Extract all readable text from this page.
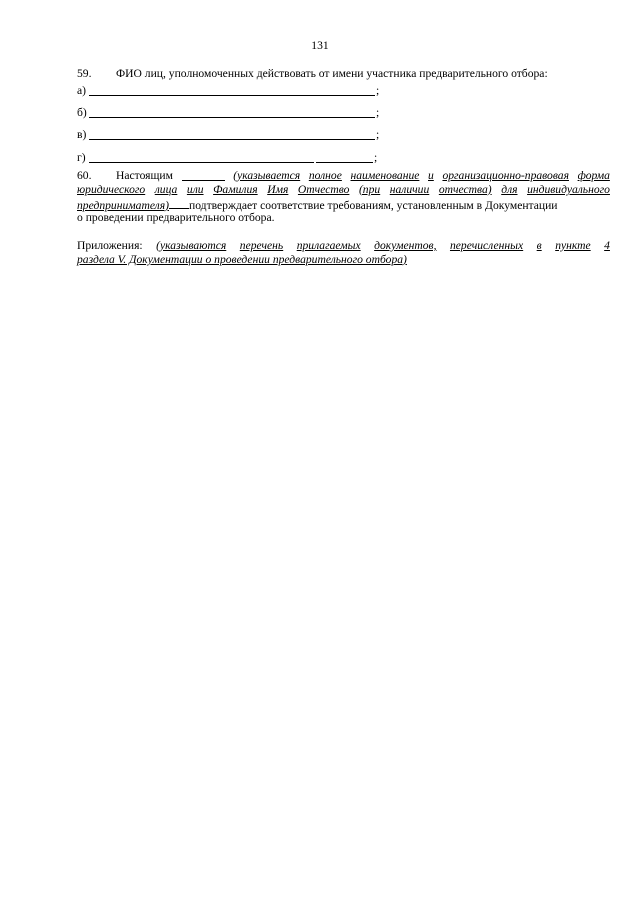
131
59. ФИО лиц, уполномоченных действовать от имени участника предварительного отбора:
а)	;
б)	;
в)	;
г)	;
60. Настоящим	(указывается полное наименование и организационно-правовая форма
юридического лица или Фамилия Имя Отчество (при наличии отчества) для индивидуального
предпринимателя) подтверждает соответствие требованиям, установленным в Документации
о проведении предварительного отбора.
Приложения: (указываются перечень прилагаемых документов, перечисленных в пункте 4
раздела V. Документации о проведении предварительного отбора)
